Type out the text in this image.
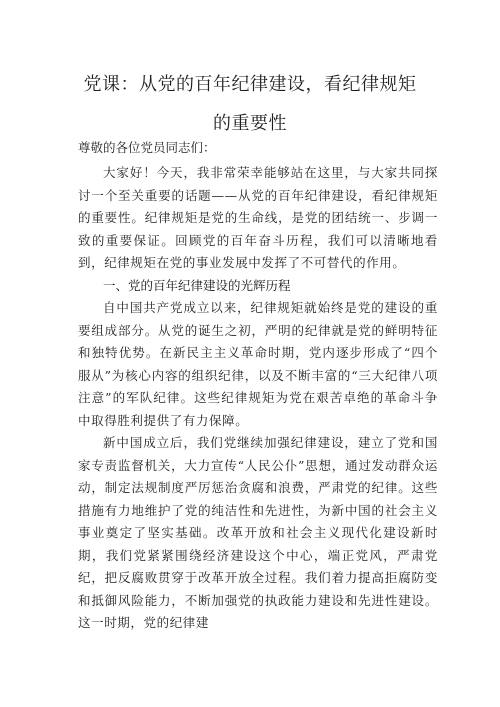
党课：从党的百年纪律建设，看纪律规矩
的重要性
尊敬的各位党员同志们：

大家好！今天，我非常荣幸能够站在这里，与大家共同探讨一个至关重要的话题——从党的百年纪律建设，看纪律规矩的重要性。纪律规矩是党的生命线，是党的团结统一、步调一致的重要保证。回顾党的百年奋斗历程，我们可以清晰地看到，纪律规矩在党的事业发展中发挥了不可替代的作用。

一、党的百年纪律建设的光辉历程

自中国共产党成立以来，纪律规矩就始终是党的建设的重要组成部分。从党的诞生之初，严明的纪律就是党的鲜明特征和独特优势。在新民主主义革命时期，党内逐步形成了“四个服从”为核心内容的组织纪律，以及不断丰富的“三大纪律八项注意”的军队纪律。这些纪律规矩为党在艰苦卓绝的革命斗争中取得胜利提供了有力保障。

新中国成立后，我们党继续加强纪律建设，建立了党和国家专责监督机关，大力宣传“人民公仆”思想，通过发动群众运动，制定法规制度严厉惩治贪腐和浪费，严肃党的纪律。这些措施有力地维护了党的纯洁性和先进性，为新中国的社会主义事业奠定了坚实基础。改革开放和社会主义现代化建设新时期，我们党紧紧围绕经济建设这个中心，端正党风，严肃党纪，把反腐败贯穿于改革开放全过程。我们着力提高拒腐防变和抵御风险能力，不断加强党的执政能力建设和先进性建设。这一时期，党的纪律建
